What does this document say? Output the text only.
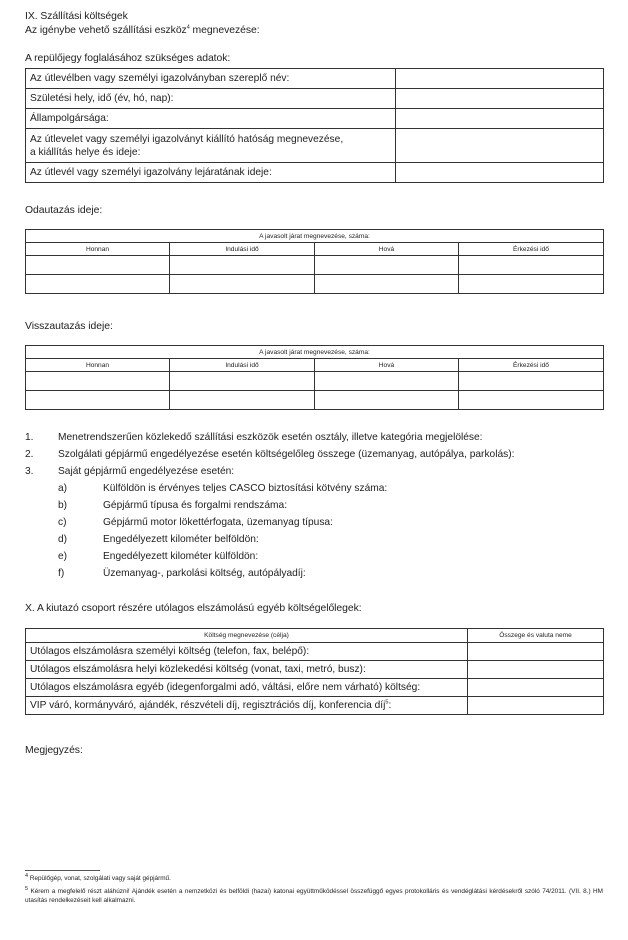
IX. Szállítási költségek
Az igénybe vehető szállítási eszköz$^4$ megnevezése:
A repülőjegy foglalásához szükséges adatok:
Az útlevélben vagy személyi igazolványban szereplő név:	
Születési hely, idő (év, hó, nap):	
Állampolgársága:	

Az útlevelet vagy személyi igazolványt kiállító hatóság megnevezése,
a kiállítás helye és ideje:	

Az útlevél vagy személyi igazolvány lejáratának ideje:	
Odautazás ideje:
A javasolt járat megnevezése, száma:			
Honnan	Indulási idő	Hová	Érkezési idő

Visszautazás ideje:
A javasolt járat megnevezése, száma:			
Honnan	Indulási idő	Hová	Érkezési idő

1. Menetrendszerűen közlekedő szállítási eszközök esetén osztály, illetve kategória megjelölése:
2. Szolgálati gépjármű engedélyezése esetén költségelőleg összege (üzemanyag, autópálya, parkolás):
3. Saját gépjármű engedélyezése esetén:
a)	Külföldön is érvényes teljes CASCO biztosítási kötvény száma:
b)	Gépjármű típusa és forgalmi rendszáma:
c)	Gépjármű motor lökettérfogata, üzemanyag típusa:
d)	Engedélyezett kilométer belföldön:
e)	Engedélyezett kilométer külföldön:
f)	Üzemanyag-, parkolási költség, autópályadíj:
X. A kiutazó csoport részére utólagos elszámolású egyéb költségelőlegek:
Költség megnevezése (célja)	Összege és valuta neme
Utólagos elszámolásra személyi költség (telefon, fax, belépő):	
Utólagos elszámolásra helyi közlekedési költség (vonat, taxi, metró, busz):	
Utólagos elszámolásra egyéb (idegenforgalmi adó, váltási, előre nem várható) költség:	
VIP váró, kormányváró, ajándék, részvételi díj, regisztrációs díj, konferencia díj$^5$:	
Megjegyzés:
$^4$ Repülőgép, vonat, szolgálati vagy saját gépjármű.
$^5$ Kérem a megfelelő részt aláhúzni! Ajándék esetén a nemzetközi és belföldi (hazai) katonai együttműködéssel összefüggő egyes protokolláris és vendéglátási kérdésekről szóló 74/2011. (VII. 8.) HM utasítás rendelkezéseit kell alkalmazni.
